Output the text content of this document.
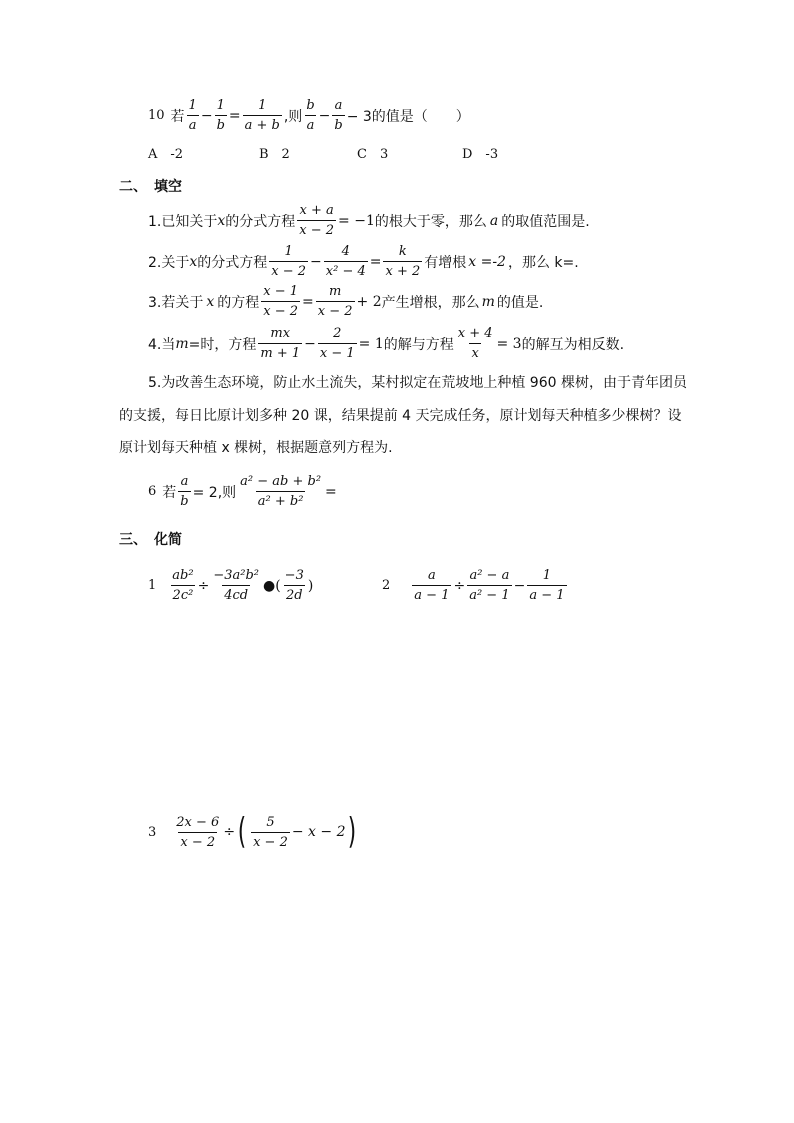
10 若 $\frac{1}{a} - \frac{1}{b} = \frac{1}{a + b}$ ,则 $\frac{b}{a} - \frac{a}{b} - 3$的值是（　　）
A　-2	B　2	C　3	D　-3
二、　填空
1.已知关于 x 的分式方程 $\frac{x + a}{x - 2} = -1$ 的根大于零，那么 a 的取值范围是.
2.关于 x 的分式方程 $\frac{1}{x - 2} - \frac{4}{\text{x² − 4}} = \frac{k}{x + 2}$ 有增根 x =-2 ，那么 k=.
3.若关于 x 的方程 $\frac{x - 1}{x - 2} = \frac{m}{x - 2} + 2$ 产生增根，那么 m 的值是.
4.当 m =时，方程 $\frac{mx}{m + 1} - \frac{2}{x - 1} = 1$ 的解与方程 $\frac{x + 4}{x} = 3$ 的解互为相反数.
5.为改善生态环境，防止水土流失，某村拟定在荒坡地上种植 960 棵树，由于青年团员
的支援，每日比原计划多种 20 课，结果提前 4 天完成任务，原计划每天种植多少棵树？设
原计划每天种植 x 棵树，根据题意列方程为.
6 若 $\frac{a}{b} = 2$,则 $\frac{\text{a² − ab + b²}}{\text{a² + b²}}$ =
三、　化简
$1 \frac{\text{ab²}}{\text{2c²}} \div \frac{\text{−3a²b²}}{4cd}$ ● ( $\frac{-3}{2d}$ )	$2 \frac{a}{a - 1} \div \frac{\text{a² − a}}{\text{a² − 1}} - \frac{1}{a - 1}$
$3 \frac{2x - 6}{x - 2}$ ÷ ( $\frac{5}{x - 2} - x - 2$ )
